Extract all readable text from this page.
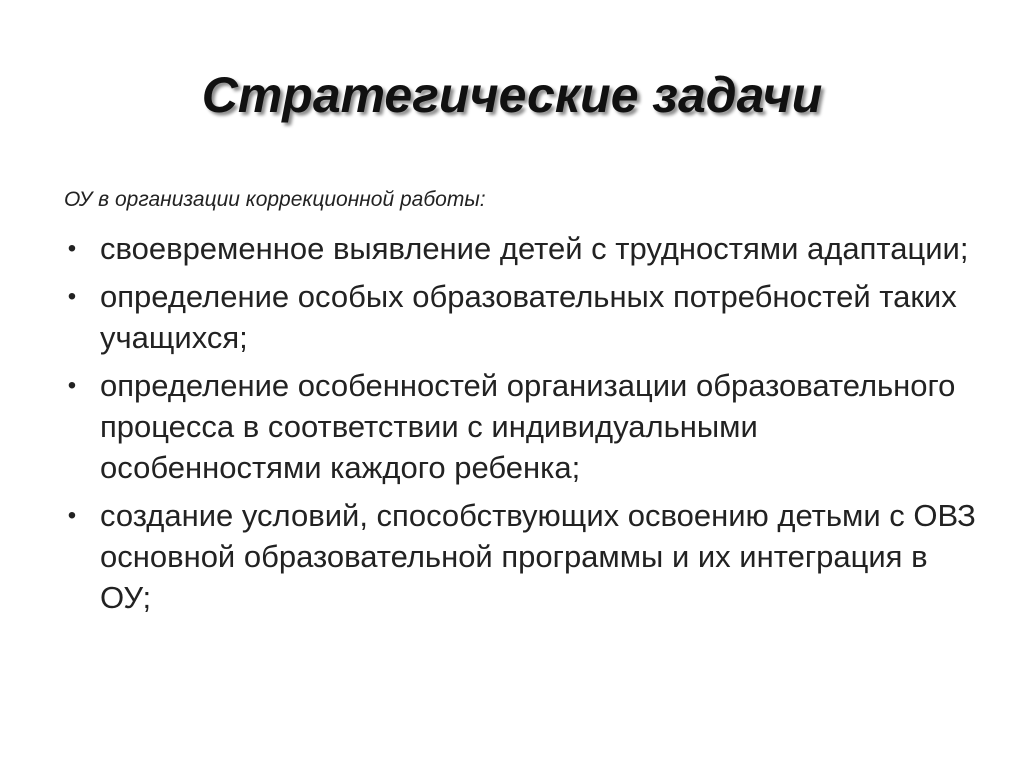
Стратегические задачи

ОУ в организации коррекционной работы:

• своевременное выявление детей с трудностями адаптации;
• определение особых образовательных потребностей таких учащихся;
• определение особенностей организации образовательного процесса в соответствии с индивидуальными особенностями каждого ребенка;
• создание условий, способствующих освоению детьми с ОВЗ основной образовательной программы и их интеграция в ОУ;
